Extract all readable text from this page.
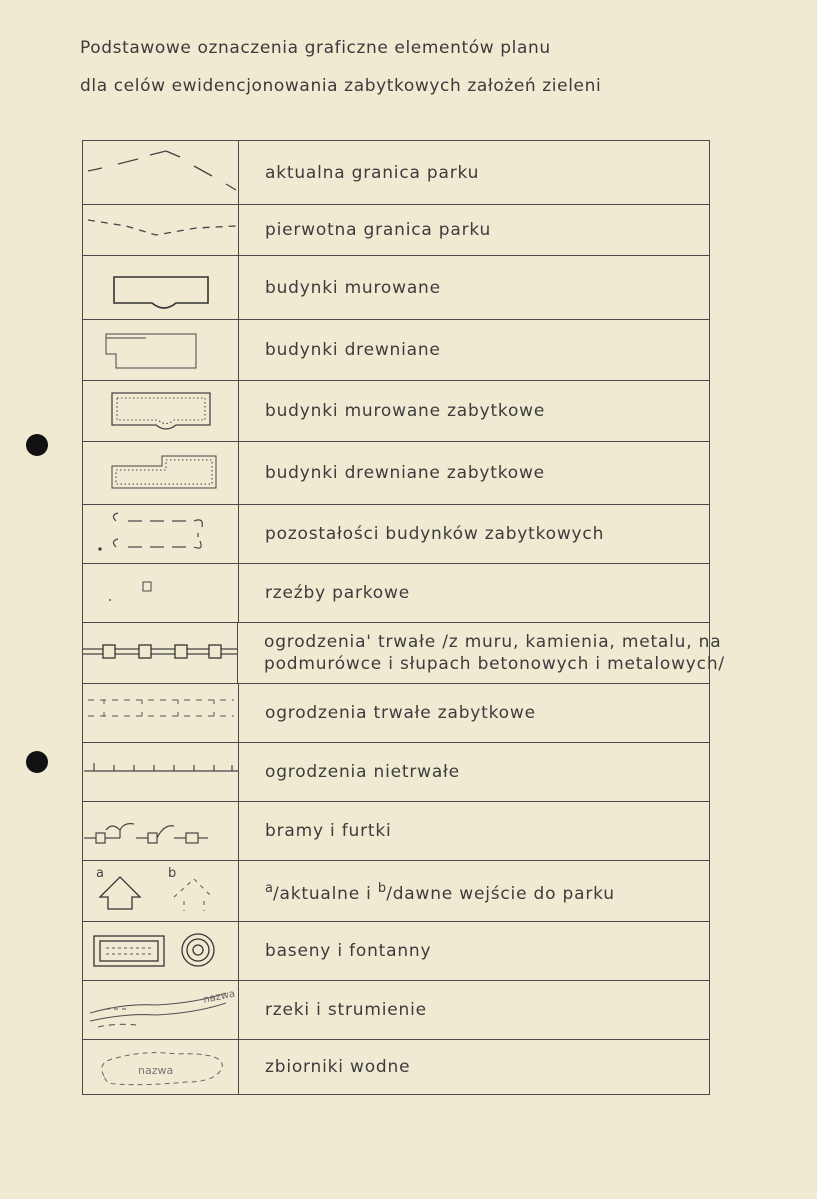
Podstawowe oznaczenia graficzne elementów planu
dla celów ewidencjonowania zabytkowych założeń zieleni
aktualna granica parku
pierwotna granica parku
budynki murowane
budynki drewniane
budynki murowane zabytkowe
budynki drewniane zabytkowe
pozostałości budynków zabytkowych
rzeźby parkowe
ogrodzenia' trwałe /z muru, kamienia, metalu, na
podmurówce i słupach betonowych i metalowych/
ogrodzenia trwałe zabytkowe
ogrodzenia nietrwałe
bramy i furtki
a	b
$^a$/aktualne i $^b$/dawne wejście do parku
baseny i fontanny
nazwa
rzeki i strumienie
nazwa	zbiorniki wodne
